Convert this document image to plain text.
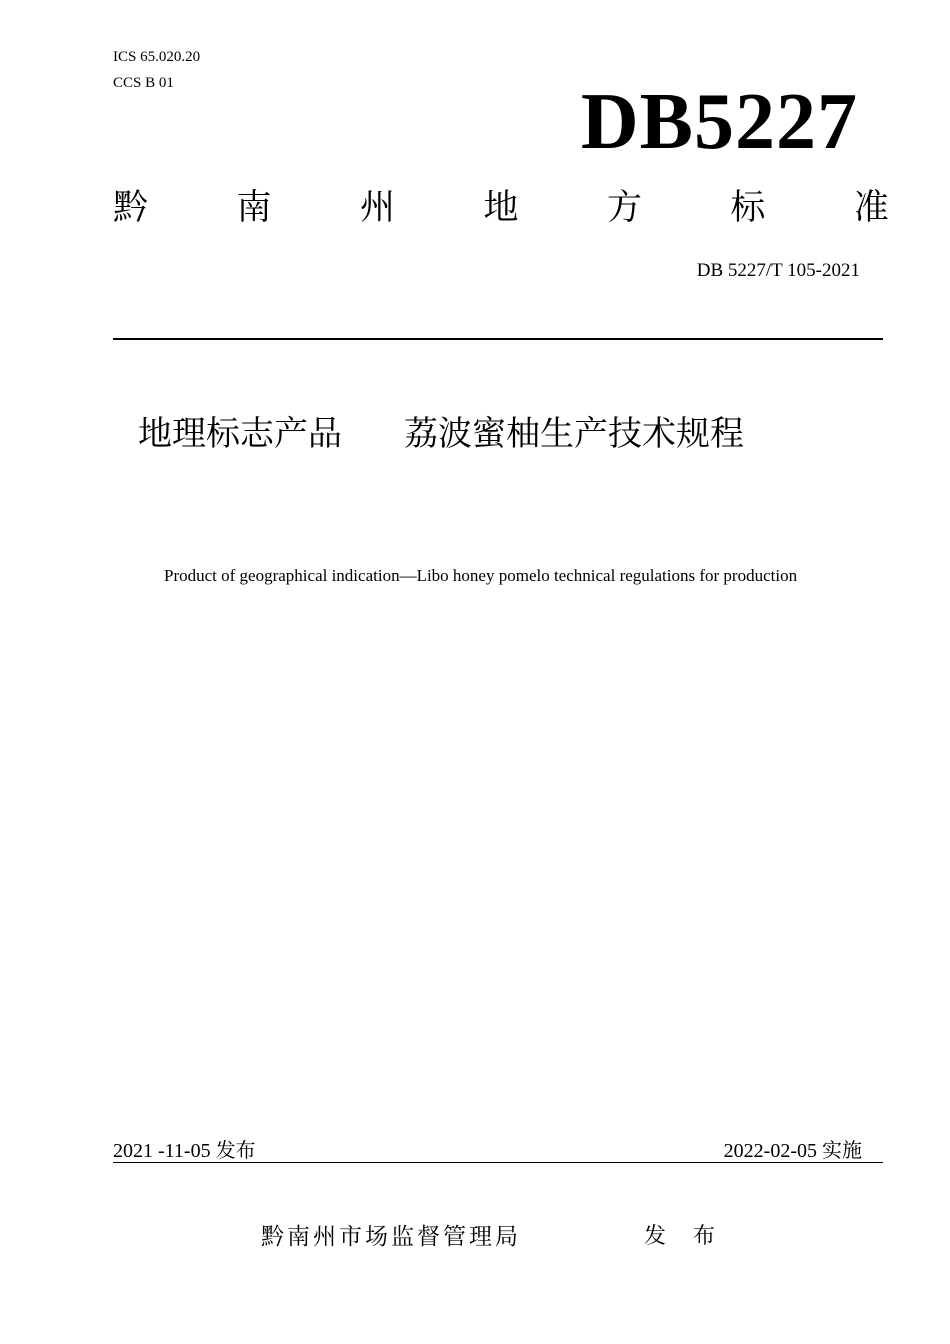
ICS 65.020.20
CCS B 01	DB5227
黔	南	州	地	方	标	准
DB 5227/T 105-2021
地理标志产品 荔波蜜柚生产技术规程
Product of geographical indication—Libo honey pomelo technical regulations for production
2021 -11-05 发布	2022-02-05 实施
黔南州市场监督管理局	发 布
